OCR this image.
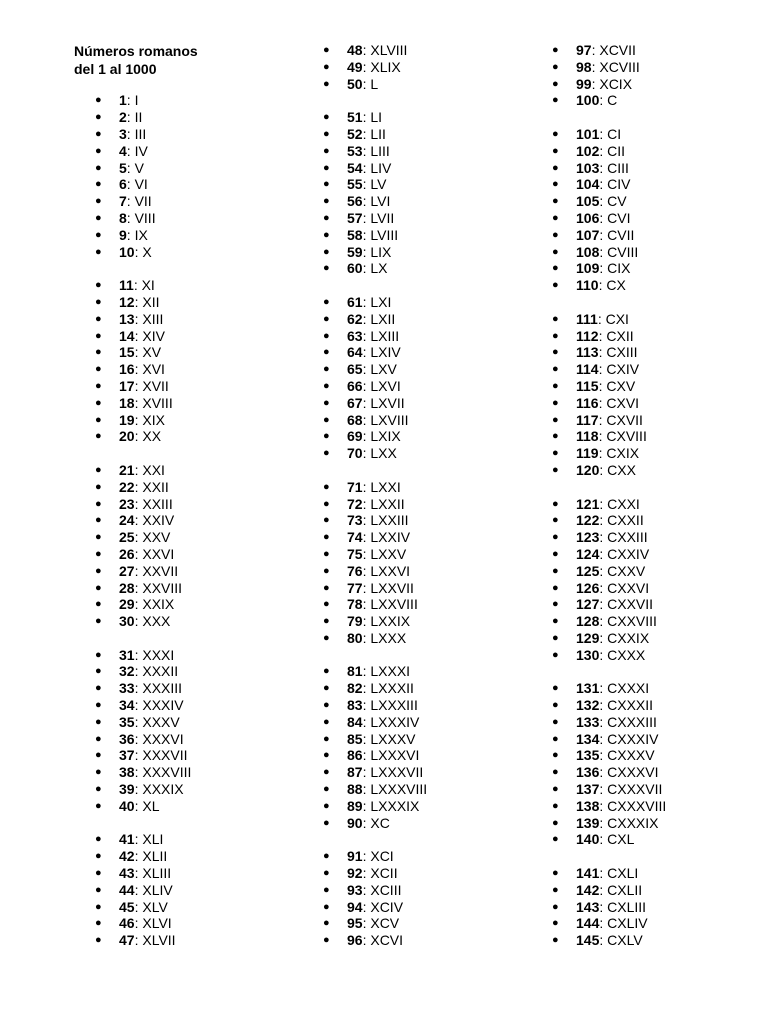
Números romanos
del 1 al 1000
● 1: I
● 2: II
● 3: III
● 4: IV
● 5: V
● 6: VI
● 7: VII
● 8: VIII
● 9: IX
● 10: X
● 11: XI
● 12: XII
● 13: XIII
● 14: XIV
● 15: XV
● 16: XVI
● 17: XVII
● 18: XVIII
● 19: XIX
● 20: XX
● 21: XXI
● 22: XXII
● 23: XXIII
● 24: XXIV
● 25: XXV
● 26: XXVI
● 27: XXVII
● 28: XXVIII
● 29: XXIX
● 30: XXX
● 31: XXXI
● 32: XXXII
● 33: XXXIII
● 34: XXXIV
● 35: XXXV
● 36: XXXVI
● 37: XXXVII
● 38: XXXVIII
● 39: XXXIX
● 40: XL
● 41: XLI
● 42: XLII
● 43: XLIII
● 44: XLIV
● 45: XLV
● 46: XLVI
● 47: XLVII
● 48: XLVIII
● 49: XLIX
● 50: L
● 51: LI
● 52: LII
● 53: LIII
● 54: LIV
● 55: LV
● 56: LVI
● 57: LVII
● 58: LVIII
● 59: LIX
● 60: LX
● 61: LXI
● 62: LXII
● 63: LXIII
● 64: LXIV
● 65: LXV
● 66: LXVI
● 67: LXVII
● 68: LXVIII
● 69: LXIX
● 70: LXX
● 71: LXXI
● 72: LXXII
● 73: LXXIII
● 74: LXXIV
● 75: LXXV
● 76: LXXVI
● 77: LXXVII
● 78: LXXVIII
● 79: LXXIX
● 80: LXXX
● 81: LXXXI
● 82: LXXXII
● 83: LXXXIII
● 84: LXXXIV
● 85: LXXXV
● 86: LXXXVI
● 87: LXXXVII
● 88: LXXXVIII
● 89: LXXXIX
● 90: XC
● 91: XCI
● 92: XCII
● 93: XCIII
● 94: XCIV
● 95: XCV
● 96: XCVI
● 97: XCVII
● 98: XCVIII
● 99: XCIX
● 100: C
● 101: CI
● 102: CII
● 103: CIII
● 104: CIV
● 105: CV
● 106: CVI
● 107: CVII
● 108: CVIII
● 109: CIX
● 110: CX
● 111: CXI
● 112: CXII
● 113: CXIII
● 114: CXIV
● 115: CXV
● 116: CXVI
● 117: CXVII
● 118: CXVIII
● 119: CXIX
● 120: CXX
● 121: CXXI
● 122: CXXII
● 123: CXXIII
● 124: CXXIV
● 125: CXXV
● 126: CXXVI
● 127: CXXVII
● 128: CXXVIII
● 129: CXXIX
● 130: CXXX
● 131: CXXXI
● 132: CXXXII
● 133: CXXXIII
● 134: CXXXIV
● 135: CXXXV
● 136: CXXXVI
● 137: CXXXVII
● 138: CXXXVIII
● 139: CXXXIX
● 140: CXL
● 141: CXLI
● 142: CXLII
● 143: CXLIII
● 144: CXLIV
● 145: CXLV
